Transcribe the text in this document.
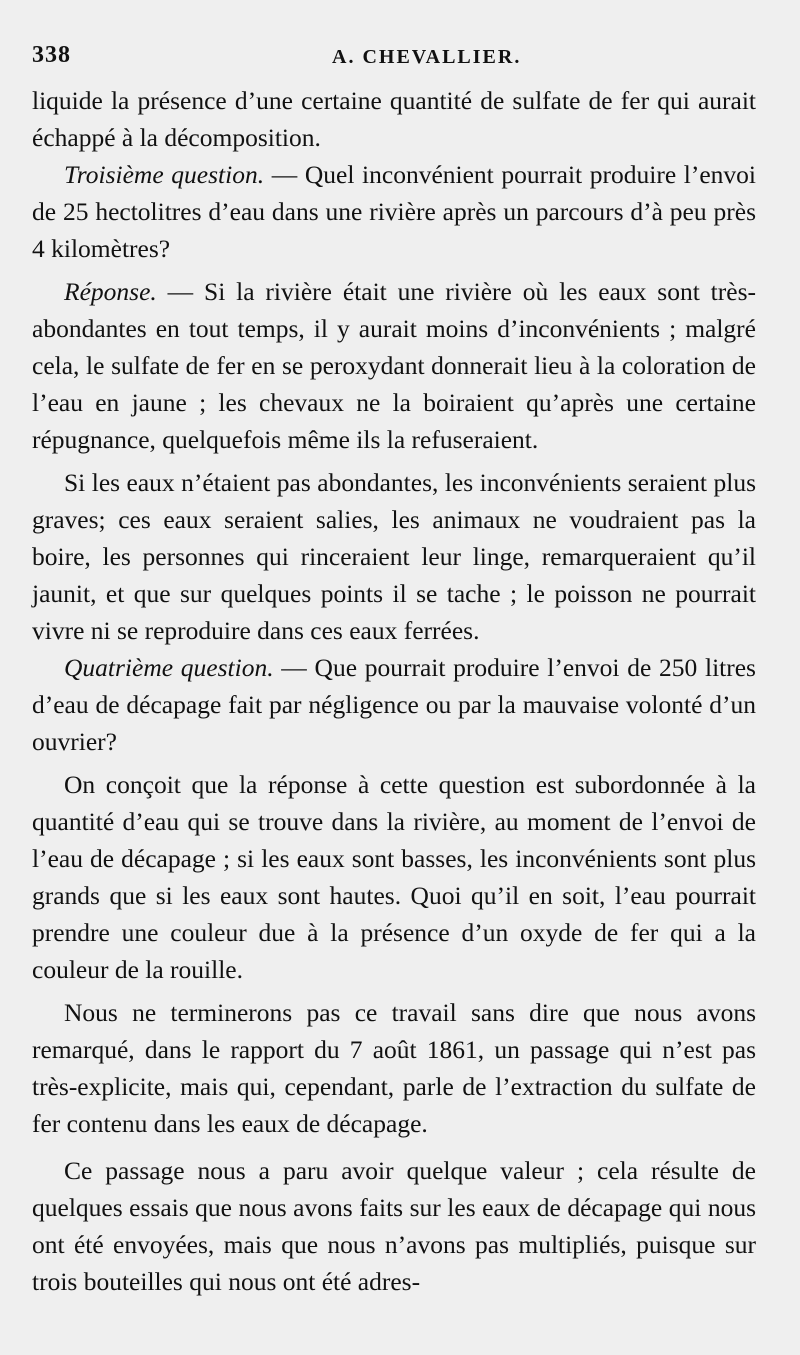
338	A. CHEVALLIER.

liquide la présence d’une certaine quantité de sulfate de fer qui aurait échappé à la décomposition.

Troisième question. — Quel inconvénient pourrait produire l’envoi de 25 hectolitres d’eau dans une rivière après un parcours d’à peu près 4 kilomètres?

Réponse. — Si la rivière était une rivière où les eaux sont très-abondantes en tout temps, il y aurait moins d’inconvénients ; malgré cela, le sulfate de fer en se peroxydant donnerait lieu à la coloration de l’eau en jaune ; les chevaux ne la boiraient qu’après une certaine répugnance, quelquefois même ils la refuseraient.

Si les eaux n’étaient pas abondantes, les inconvénients seraient plus graves; ces eaux seraient salies, les animaux ne voudraient pas la boire, les personnes qui rinceraient leur linge, remarqueraient qu’il jaunit, et que sur quelques points il se tache ; le poisson ne pourrait vivre ni se reproduire dans ces eaux ferrées.

Quatrième question. — Que pourrait produire l’envoi de 250 litres d’eau de décapage fait par négligence ou par la mauvaise volonté d’un ouvrier?

On conçoit que la réponse à cette question est subordonnée à la quantité d’eau qui se trouve dans la rivière, au moment de l’envoi de l’eau de décapage ; si les eaux sont basses, les inconvénients sont plus grands que si les eaux sont hautes. Quoi qu’il en soit, l’eau pourrait prendre une couleur due à la présence d’un oxyde de fer qui a la couleur de la rouille.

Nous ne terminerons pas ce travail sans dire que nous avons remarqué, dans le rapport du 7 août 1861, un passage qui n’est pas très-explicite, mais qui, cependant, parle de l’extraction du sulfate de fer contenu dans les eaux de décapage.

Ce passage nous a paru avoir quelque valeur ; cela résulte de quelques essais que nous avons faits sur les eaux de décapage qui nous ont été envoyées, mais que nous n’avons pas multipliés, puisque sur trois bouteilles qui nous ont été adres-
